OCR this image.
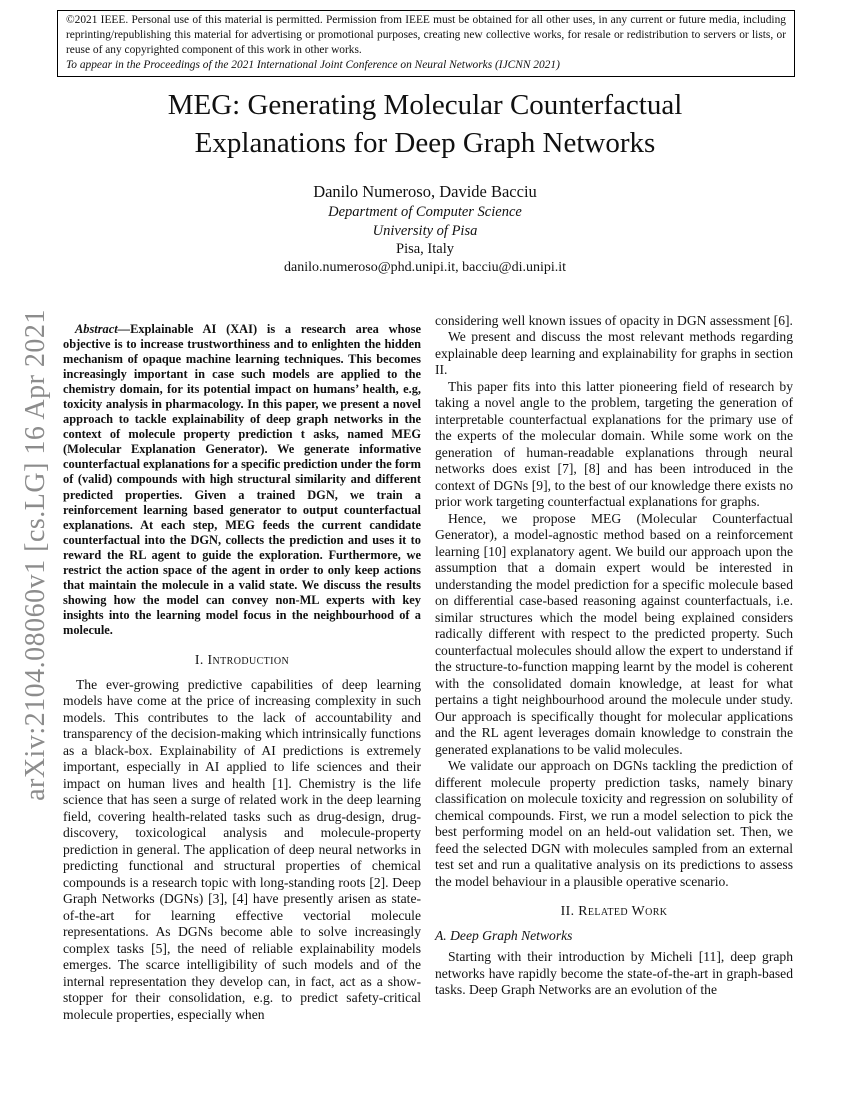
arXiv:2104.08060v1 [cs.LG] 16 Apr 2021
©2021 IEEE. Personal use of this material is permitted. Permission from IEEE must be obtained for all other uses, in any current or future media, including reprinting/republishing this material for advertising or promotional purposes, creating new collective works, for resale or redistribution to servers or lists, or reuse of any copyrighted component of this work in other works.
To appear in the Proceedings of the 2021 International Joint Conference on Neural Networks (IJCNN 2021)
MEG: Generating Molecular Counterfactual
Explanations for Deep Graph Networks
Danilo Numeroso, Davide Bacciu
Department of Computer Science
University of Pisa
Pisa, Italy
danilo.numeroso@phd.unipi.it, bacciu@di.unipi.it

Abstract—Explainable AI (XAI) is a research area whose objective is to increase trustworthiness and to enlighten the hidden mechanism of opaque machine learning techniques. This becomes increasingly important in case such models are applied to the chemistry domain, for its potential impact on humans’ health, e.g, toxicity analysis in pharmacology. In this paper, we present a novel approach to tackle explainability of deep graph networks in the context of molecule property prediction t asks, named MEG (Molecular Explanation Generator). We generate informative counterfactual explanations for a specific prediction under the form of (valid) compounds with high structural similarity and different predicted properties. Given a trained DGN, we train a reinforcement learning based generator to output counterfactual explanations. At each step, MEG feeds the current candidate counterfactual into the DGN, collects the prediction and uses it to reward the RL agent to guide the exploration. Furthermore, we restrict the action space of the agent in order to only keep actions that maintain the molecule in a valid state. We discuss the results showing how the model can convey non-ML experts with key insights into the learning model focus in the neighbourhood of a molecule.

I. Introduction

The ever-growing predictive capabilities of deep learning models have come at the price of increasing complexity in such models. This contributes to the lack of accountability and transparency of the decision-making which intrinsically functions as a black-box. Explainability of AI predictions is extremely important, especially in AI applied to life sciences and their impact on human lives and health [1]. Chemistry is the life science that has seen a surge of related work in the deep learning field, covering health-related tasks such as drug-design, drug-discovery, toxicological analysis and molecule-property prediction in general. The application of deep neural networks in predicting functional and structural properties of chemical compounds is a research topic with long-standing roots [2]. Deep Graph Networks (DGNs) [3], [4] have presently arisen as state-of-the-art for learning effective vectorial molecule representations. As DGNs become able to solve increasingly complex tasks [5], the need of reliable explainability models emerges. The scarce intelligibility of such models and of the internal representation they develop can, in fact, act as a show-stopper for their consolidation, e.g. to predict safety-critical molecule properties, especially when

considering well known issues of opacity in DGN assessment [6].

We present and discuss the most relevant methods regarding explainable deep learning and explainability for graphs in section II.

This paper fits into this latter pioneering field of research by taking a novel angle to the problem, targeting the generation of interpretable counterfactual explanations for the primary use of the experts of the molecular domain. While some work on the generation of human-readable explanations through neural networks does exist [7], [8] and has been introduced in the context of DGNs [9], to the best of our knowledge there exists no prior work targeting counterfactual explanations for graphs.

Hence, we propose MEG (Molecular Counterfactual Generator), a model-agnostic method based on a reinforcement learning [10] explanatory agent. We build our approach upon the assumption that a domain expert would be interested in understanding the model prediction for a specific molecule based on differential case-based reasoning against counterfactuals, i.e. similar structures which the model being explained considers radically different with respect to the predicted property. Such counterfactual molecules should allow the expert to understand if the structure-to-function mapping learnt by the model is coherent with the consolidated domain knowledge, at least for what pertains a tight neighbourhood around the molecule under study. Our approach is specifically thought for molecular applications and the RL agent leverages domain knowledge to constrain the generated explanations to be valid molecules.

We validate our approach on DGNs tackling the prediction of different molecule property prediction tasks, namely binary classification on molecule toxicity and regression on solubility of chemical compounds. First, we run a model selection to pick the best performing model on an held-out validation set. Then, we feed the selected DGN with molecules sampled from an external test set and run a qualitative analysis on its predictions to assess the model behaviour in a plausible operative scenario.

II. Related Work
A. Deep Graph Networks

Starting with their introduction by Micheli [11], deep graph networks have rapidly become the state-of-the-art in graph-based tasks. Deep Graph Networks are an evolution of the
